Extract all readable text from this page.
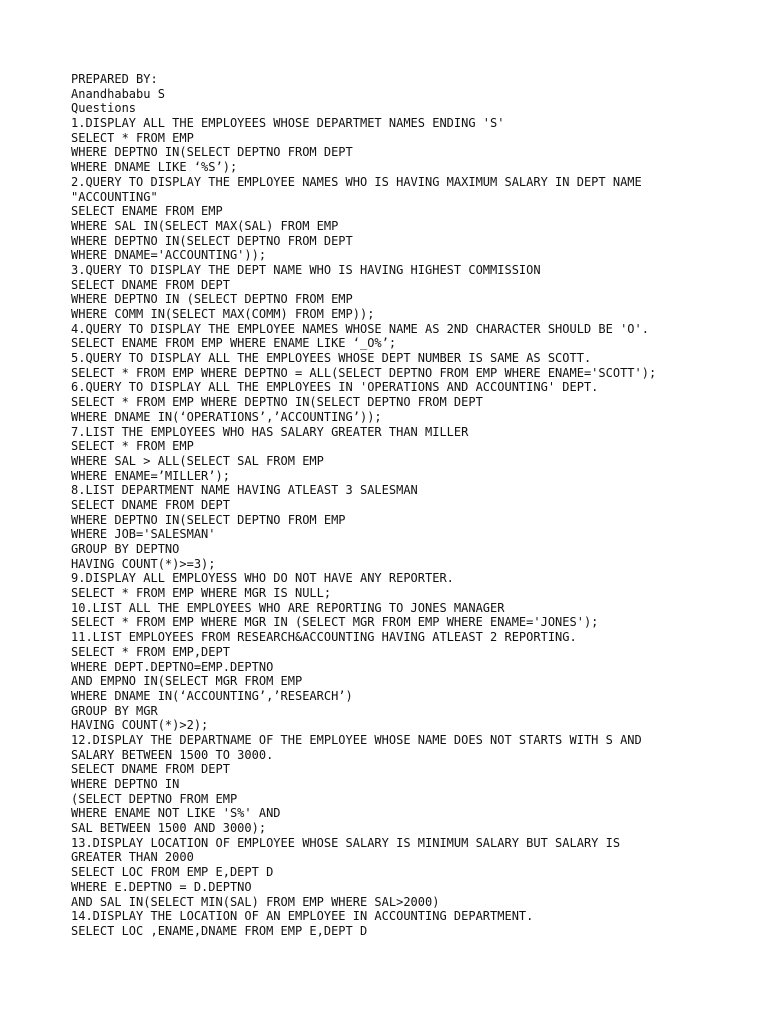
PREPARED BY:
Anandhababu S
Questions
1.DISPLAY ALL THE EMPLOYEES WHOSE DEPARTMET NAMES ENDING 'S'
SELECT * FROM EMP
WHERE DEPTNO IN(SELECT DEPTNO FROM DEPT
WHERE DNAME LIKE ‘%S’);
2.QUERY TO DISPLAY THE EMPLOYEE NAMES WHO IS HAVING MAXIMUM SALARY IN DEPT NAME
"ACCOUNTING"
SELECT ENAME FROM EMP
WHERE SAL IN(SELECT MAX(SAL) FROM EMP
WHERE DEPTNO IN(SELECT DEPTNO FROM DEPT
WHERE DNAME='ACCOUNTING'));
3.QUERY TO DISPLAY THE DEPT NAME WHO IS HAVING HIGHEST COMMISSION
SELECT DNAME FROM DEPT
WHERE DEPTNO IN (SELECT DEPTNO FROM EMP
WHERE COMM IN(SELECT MAX(COMM) FROM EMP));
4.QUERY TO DISPLAY THE EMPLOYEE NAMES WHOSE NAME AS 2ND CHARACTER SHOULD BE 'O'.
SELECT ENAME FROM EMP WHERE ENAME LIKE ‘_O%’;
5.QUERY TO DISPLAY ALL THE EMPLOYEES WHOSE DEPT NUMBER IS SAME AS SCOTT.
SELECT * FROM EMP WHERE DEPTNO = ALL(SELECT DEPTNO FROM EMP WHERE ENAME='SCOTT');
6.QUERY TO DISPLAY ALL THE EMPLOYEES IN 'OPERATIONS AND ACCOUNTING' DEPT.
SELECT * FROM EMP WHERE DEPTNO IN(SELECT DEPTNO FROM DEPT
WHERE DNAME IN(‘OPERATIONS’,’ACCOUNTING’));
7.LIST THE EMPLOYEES WHO HAS SALARY GREATER THAN MILLER
SELECT * FROM EMP
WHERE SAL > ALL(SELECT SAL FROM EMP
WHERE ENAME=’MILLER’);
8.LIST DEPARTMENT NAME HAVING ATLEAST 3 SALESMAN
SELECT DNAME FROM DEPT
WHERE DEPTNO IN(SELECT DEPTNO FROM EMP
WHERE JOB='SALESMAN'
GROUP BY DEPTNO
HAVING COUNT(*)>=3);
9.DISPLAY ALL EMPLOYESS WHO DO NOT HAVE ANY REPORTER.
SELECT * FROM EMP WHERE MGR IS NULL;
10.LIST ALL THE EMPLOYEES WHO ARE REPORTING TO JONES MANAGER
SELECT * FROM EMP WHERE MGR IN (SELECT MGR FROM EMP WHERE ENAME='JONES');
11.LIST EMPLOYEES FROM RESEARCH&ACCOUNTING HAVING ATLEAST 2 REPORTING.
SELECT * FROM EMP,DEPT
WHERE DEPT.DEPTNO=EMP.DEPTNO
AND EMPNO IN(SELECT MGR FROM EMP
WHERE DNAME IN(‘ACCOUNTING’,’RESEARCH’)
GROUP BY MGR
HAVING COUNT(*)>2);
12.DISPLAY THE DEPARTNAME OF THE EMPLOYEE WHOSE NAME DOES NOT STARTS WITH S AND
SALARY BETWEEN 1500 TO 3000.
SELECT DNAME FROM DEPT
WHERE DEPTNO IN
(SELECT DEPTNO FROM EMP
WHERE ENAME NOT LIKE 'S%' AND
SAL BETWEEN 1500 AND 3000);
13.DISPLAY LOCATION OF EMPLOYEE WHOSE SALARY IS MINIMUM SALARY BUT SALARY IS
GREATER THAN 2000
SELECT LOC FROM EMP E,DEPT D
WHERE E.DEPTNO = D.DEPTNO
AND SAL IN(SELECT MIN(SAL) FROM EMP WHERE SAL>2000)
14.DISPLAY THE LOCATION OF AN EMPLOYEE IN ACCOUNTING DEPARTMENT.
SELECT LOC ,ENAME,DNAME FROM EMP E,DEPT D
